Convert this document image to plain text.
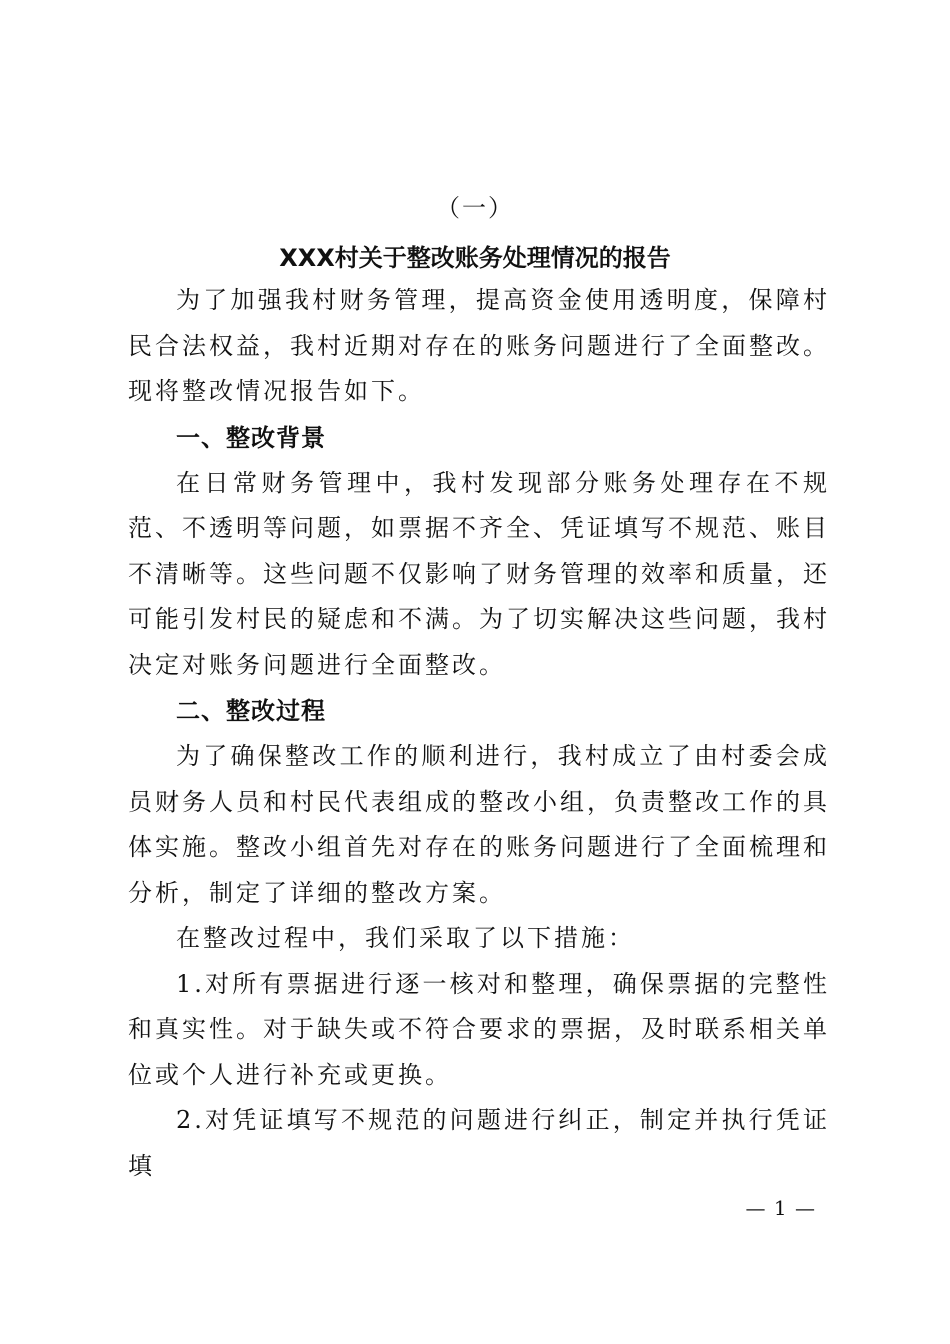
（一）
XXX村关于整改账务处理情况的报告

为了加强我村财务管理，提高资金使用透明度，保障村民合法权益，我村近期对存在的账务问题进行了全面整改。现将整改情况报告如下。

一、整改背景

在日常财务管理中，我村发现部分账务处理存在不规范、不透明等问题，如票据不齐全、凭证填写不规范、账目不清晰等。这些问题不仅影响了财务管理的效率和质量，还可能引发村民的疑虑和不满。为了切实解决这些问题，我村决定对账务问题进行全面整改。

二、整改过程

为了确保整改工作的顺利进行，我村成立了由村委会成员财务人员和村民代表组成的整改小组，负责整改工作的具体实施。整改小组首先对存在的账务问题进行了全面梳理和分析，制定了详细的整改方案。

在整改过程中，我们采取了以下措施：

1.对所有票据进行逐一核对和整理，确保票据的完整性和真实性。对于缺失或不符合要求的票据，及时联系相关单位或个人进行补充或更换。

2.对凭证填写不规范的问题进行纠正，制定并执行凭证填

— 1 —
